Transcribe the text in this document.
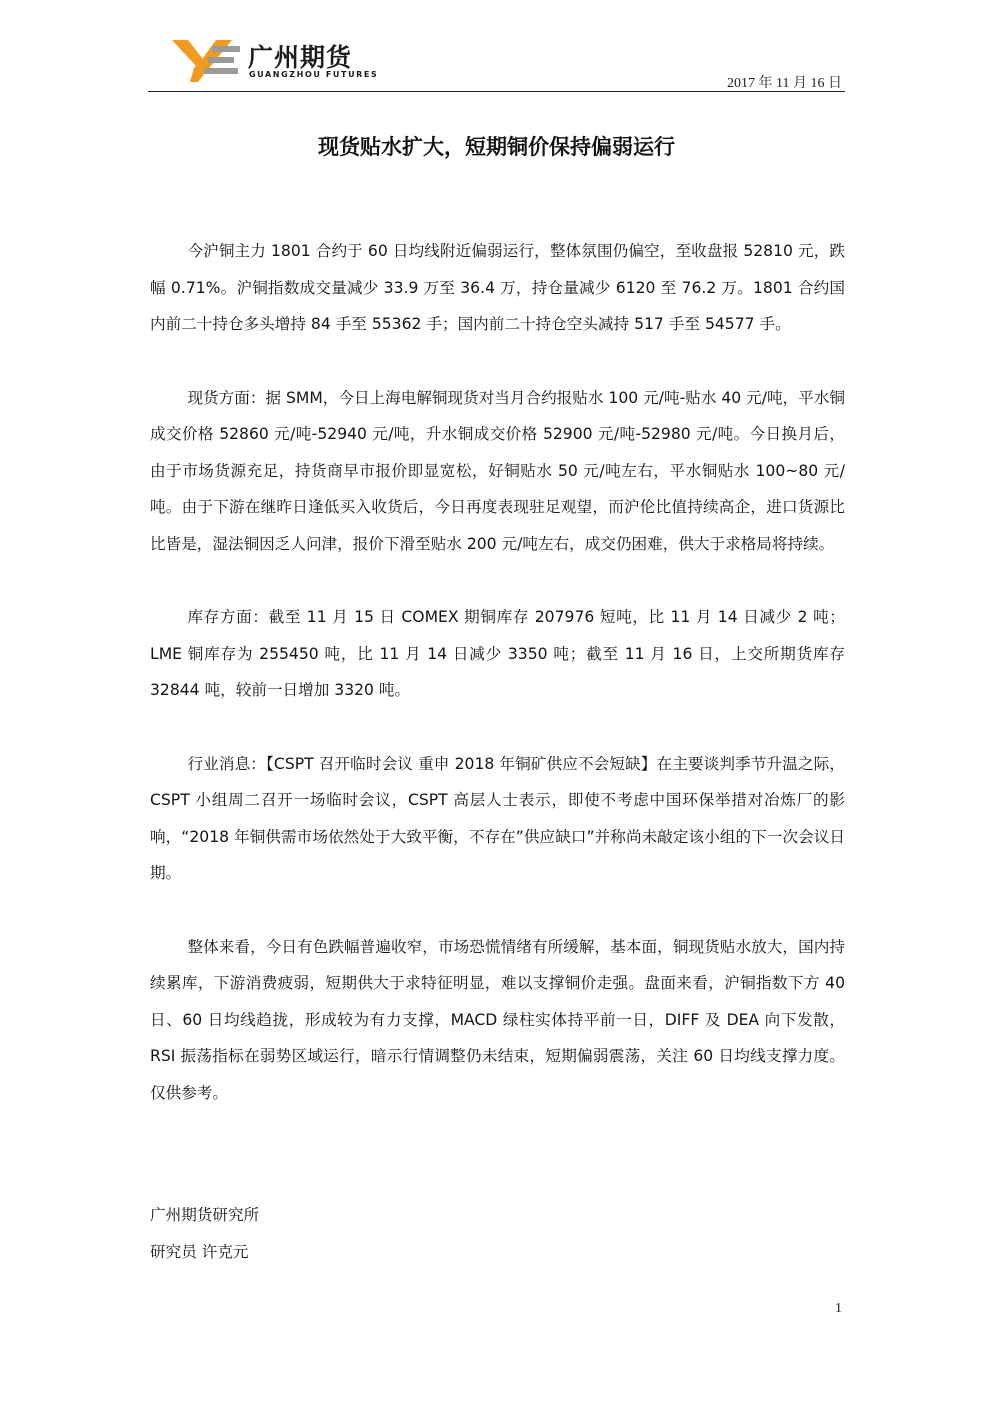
广州期货
GUANGZHOU FUTURES
2017 年 11 月 16 日
现货贴水扩大，短期铜价保持偏弱运行

今沪铜主力 1801 合约于 60 日均线附近偏弱运行，整体氛围仍偏空，至收盘报 52810 元，跌幅 0.71%。沪铜指数成交量减少 33.9 万至 36.4 万，持仓量减少 6120 至 76.2 万。1801 合约国内前二十持仓多头增持 84 手至 55362 手；国内前二十持仓空头减持 517 手至 54577 手。

现货方面：据 SMM，今日上海电解铜现货对当月合约报贴水 100 元/吨-贴水 40 元/吨，平水铜成交价格 52860 元/吨-52940 元/吨，升水铜成交价格 52900 元/吨-52980 元/吨。今日换月后，由于市场货源充足，持货商早市报价即显宽松，好铜贴水 50 元/吨左右，平水铜贴水 100~80 元/吨。由于下游在继昨日逢低买入收货后，今日再度表现驻足观望，而沪伦比值持续高企，进口货源比比皆是，湿法铜因乏人问津，报价下滑至贴水 200 元/吨左右，成交仍困难，供大于求格局将持续。

库存方面：截至 11 月 15 日 COMEX 期铜库存 207976 短吨，比 11 月 14 日减少 2 吨；LME 铜库存为 255450 吨，比 11 月 14 日减少 3350 吨；截至 11 月 16 日，上交所期货库存 32844 吨，较前一日增加 3320 吨。

行业消息：【CSPT 召开临时会议 重申 2018 年铜矿供应不会短缺】在主要谈判季节升温之际，CSPT 小组周二召开一场临时会议，CSPT 高层人士表示，即使不考虑中国环保举措对冶炼厂的影响，“2018 年铜供需市场依然处于大致平衡，不存在”供应缺口”并称尚未敲定该小组的下一次会议日期。

整体来看，今日有色跌幅普遍收窄，市场恐慌情绪有所缓解，基本面，铜现货贴水放大，国内持续累库，下游消费疲弱，短期供大于求特征明显，难以支撑铜价走强。盘面来看，沪铜指数下方 40 日、60 日均线趋拢，形成较为有力支撑，MACD 绿柱实体持平前一日，DIFF 及 DEA 向下发散，RSI 振荡指标在弱势区域运行，暗示行情调整仍未结束，短期偏弱震荡，关注 60 日均线支撑力度。仅供参考。

广州期货研究所
研究员 许克元
1
